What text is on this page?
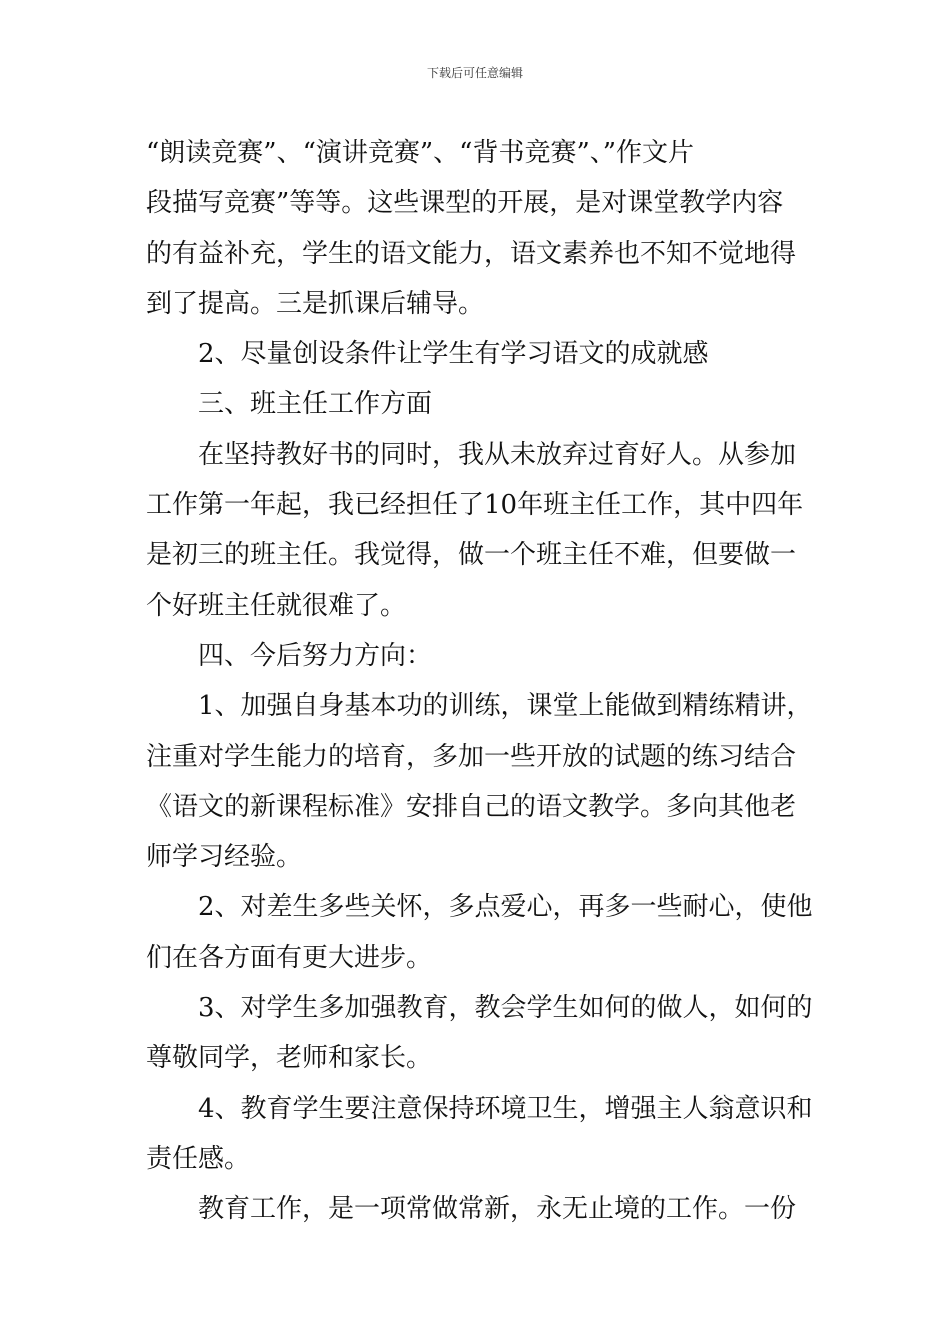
下载后可任意编辑
“朗读竞赛”、“演讲竞赛”、“背书竞赛”、”作文片
段描写竞赛”等等。这些课型的开展，是对课堂教学内容
的有益补充，学生的语文能力，语文素养也不知不觉地得
到了提高。三是抓课后辅导。
2、尽量创设条件让学生有学习语文的成就感
三、班主任工作方面
在坚持教好书的同时，我从未放弃过育好人。从参加
工作第一年起，我已经担任了10年班主任工作，其中四年
是初三的班主任。我觉得，做一个班主任不难，但要做一
个好班主任就很难了。
四、今后努力方向：
1、加强自身基本功的训练，课堂上能做到精练精讲，
注重对学生能力的培育，多加一些开放的试题的练习结合
《语文的新课程标准》安排自己的语文教学。多向其他老
师学习经验。
2、对差生多些关怀，多点爱心，再多一些耐心，使他
们在各方面有更大进步。
3、对学生多加强教育，教会学生如何的做人，如何的
尊敬同学，老师和家长。
4、教育学生要注意保持环境卫生，增强主人翁意识和
责任感。
教育工作，是一项常做常新，永无止境的工作。一份
